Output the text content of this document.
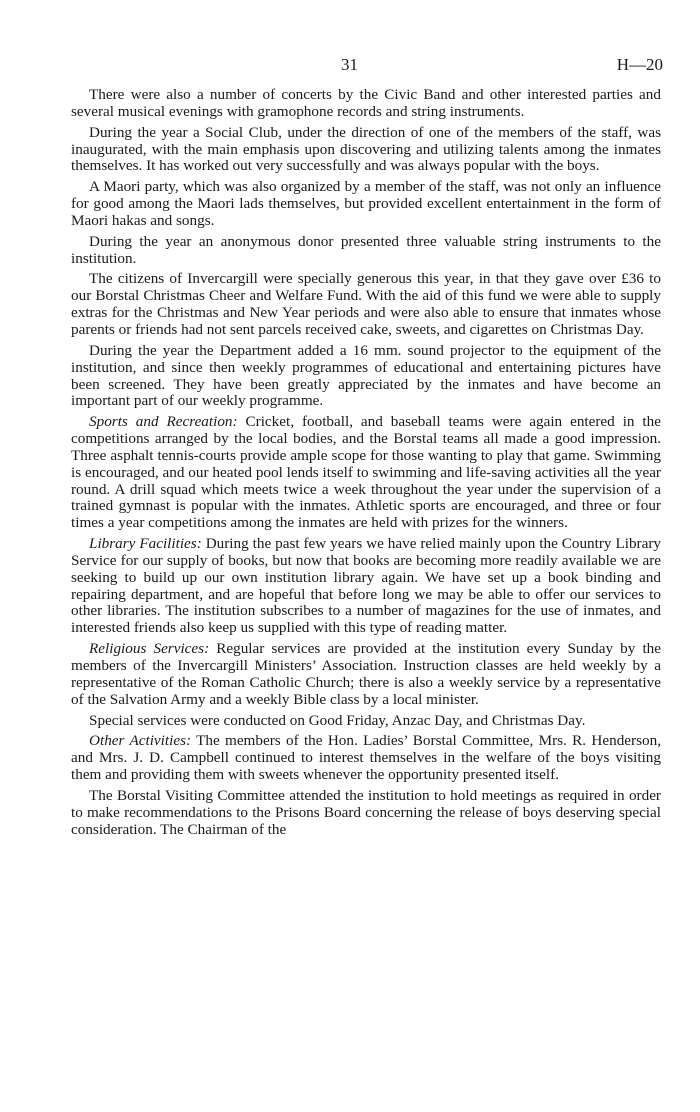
31	H—20

There were also a number of concerts by the Civic Band and other interested parties and several musical evenings with gramophone records and string instruments.

During the year a Social Club, under the direction of one of the members of the staff, was inaugurated, with the main emphasis upon discovering and utilizing talents among the inmates themselves. It has worked out very successfully and was always popular with the boys.

A Maori party, which was also organized by a member of the staff, was not only an influence for good among the Maori lads themselves, but provided excellent entertainment in the form of Maori hakas and songs.

During the year an anonymous donor presented three valuable string instruments to the institution.

The citizens of Invercargill were specially generous this year, in that they gave over £36 to our Borstal Christmas Cheer and Welfare Fund. With the aid of this fund we were able to supply extras for the Christmas and New Year periods and were also able to ensure that inmates whose parents or friends had not sent parcels received cake, sweets, and cigarettes on Christmas Day.

During the year the Department added a 16 mm. sound projector to the equipment of the institution, and since then weekly programmes of educational and entertaining pictures have been screened. They have been greatly appreciated by the inmates and have become an important part of our weekly programme.

Sports and Recreation: Cricket, football, and baseball teams were again entered in the competitions arranged by the local bodies, and the Borstal teams all made a good impression. Three asphalt tennis-courts provide ample scope for those wanting to play that game. Swimming is encouraged, and our heated pool lends itself to swimming and life-saving activities all the year round. A drill squad which meets twice a week throughout the year under the supervision of a trained gymnast is popular with the inmates. Athletic sports are encouraged, and three or four times a year competitions among the inmates are held with prizes for the winners.

Library Facilities: During the past few years we have relied mainly upon the Country Library Service for our supply of books, but now that books are becoming more readily available we are seeking to build up our own institution library again. We have set up a book binding and repairing department, and are hopeful that before long we may be able to offer our services to other libraries. The institution subscribes to a number of magazines for the use of inmates, and interested friends also keep us supplied with this type of reading matter.

Religious Services: Regular services are provided at the institution every Sunday by the members of the Invercargill Ministers’ Association. Instruction classes are held weekly by a representative of the Roman Catholic Church; there is also a weekly service by a representative of the Salvation Army and a weekly Bible class by a local minister.

Special services were conducted on Good Friday, Anzac Day, and Christmas Day.

Other Activities: The members of the Hon. Ladies’ Borstal Committee, Mrs. R. Henderson, and Mrs. J. D. Campbell continued to interest themselves in the welfare of the boys visiting them and providing them with sweets whenever the opportunity presented itself.

The Borstal Visiting Committee attended the institution to hold meetings as required in order to make recommendations to the Prisons Board concerning the release of boys deserving special consideration. The Chairman of the
